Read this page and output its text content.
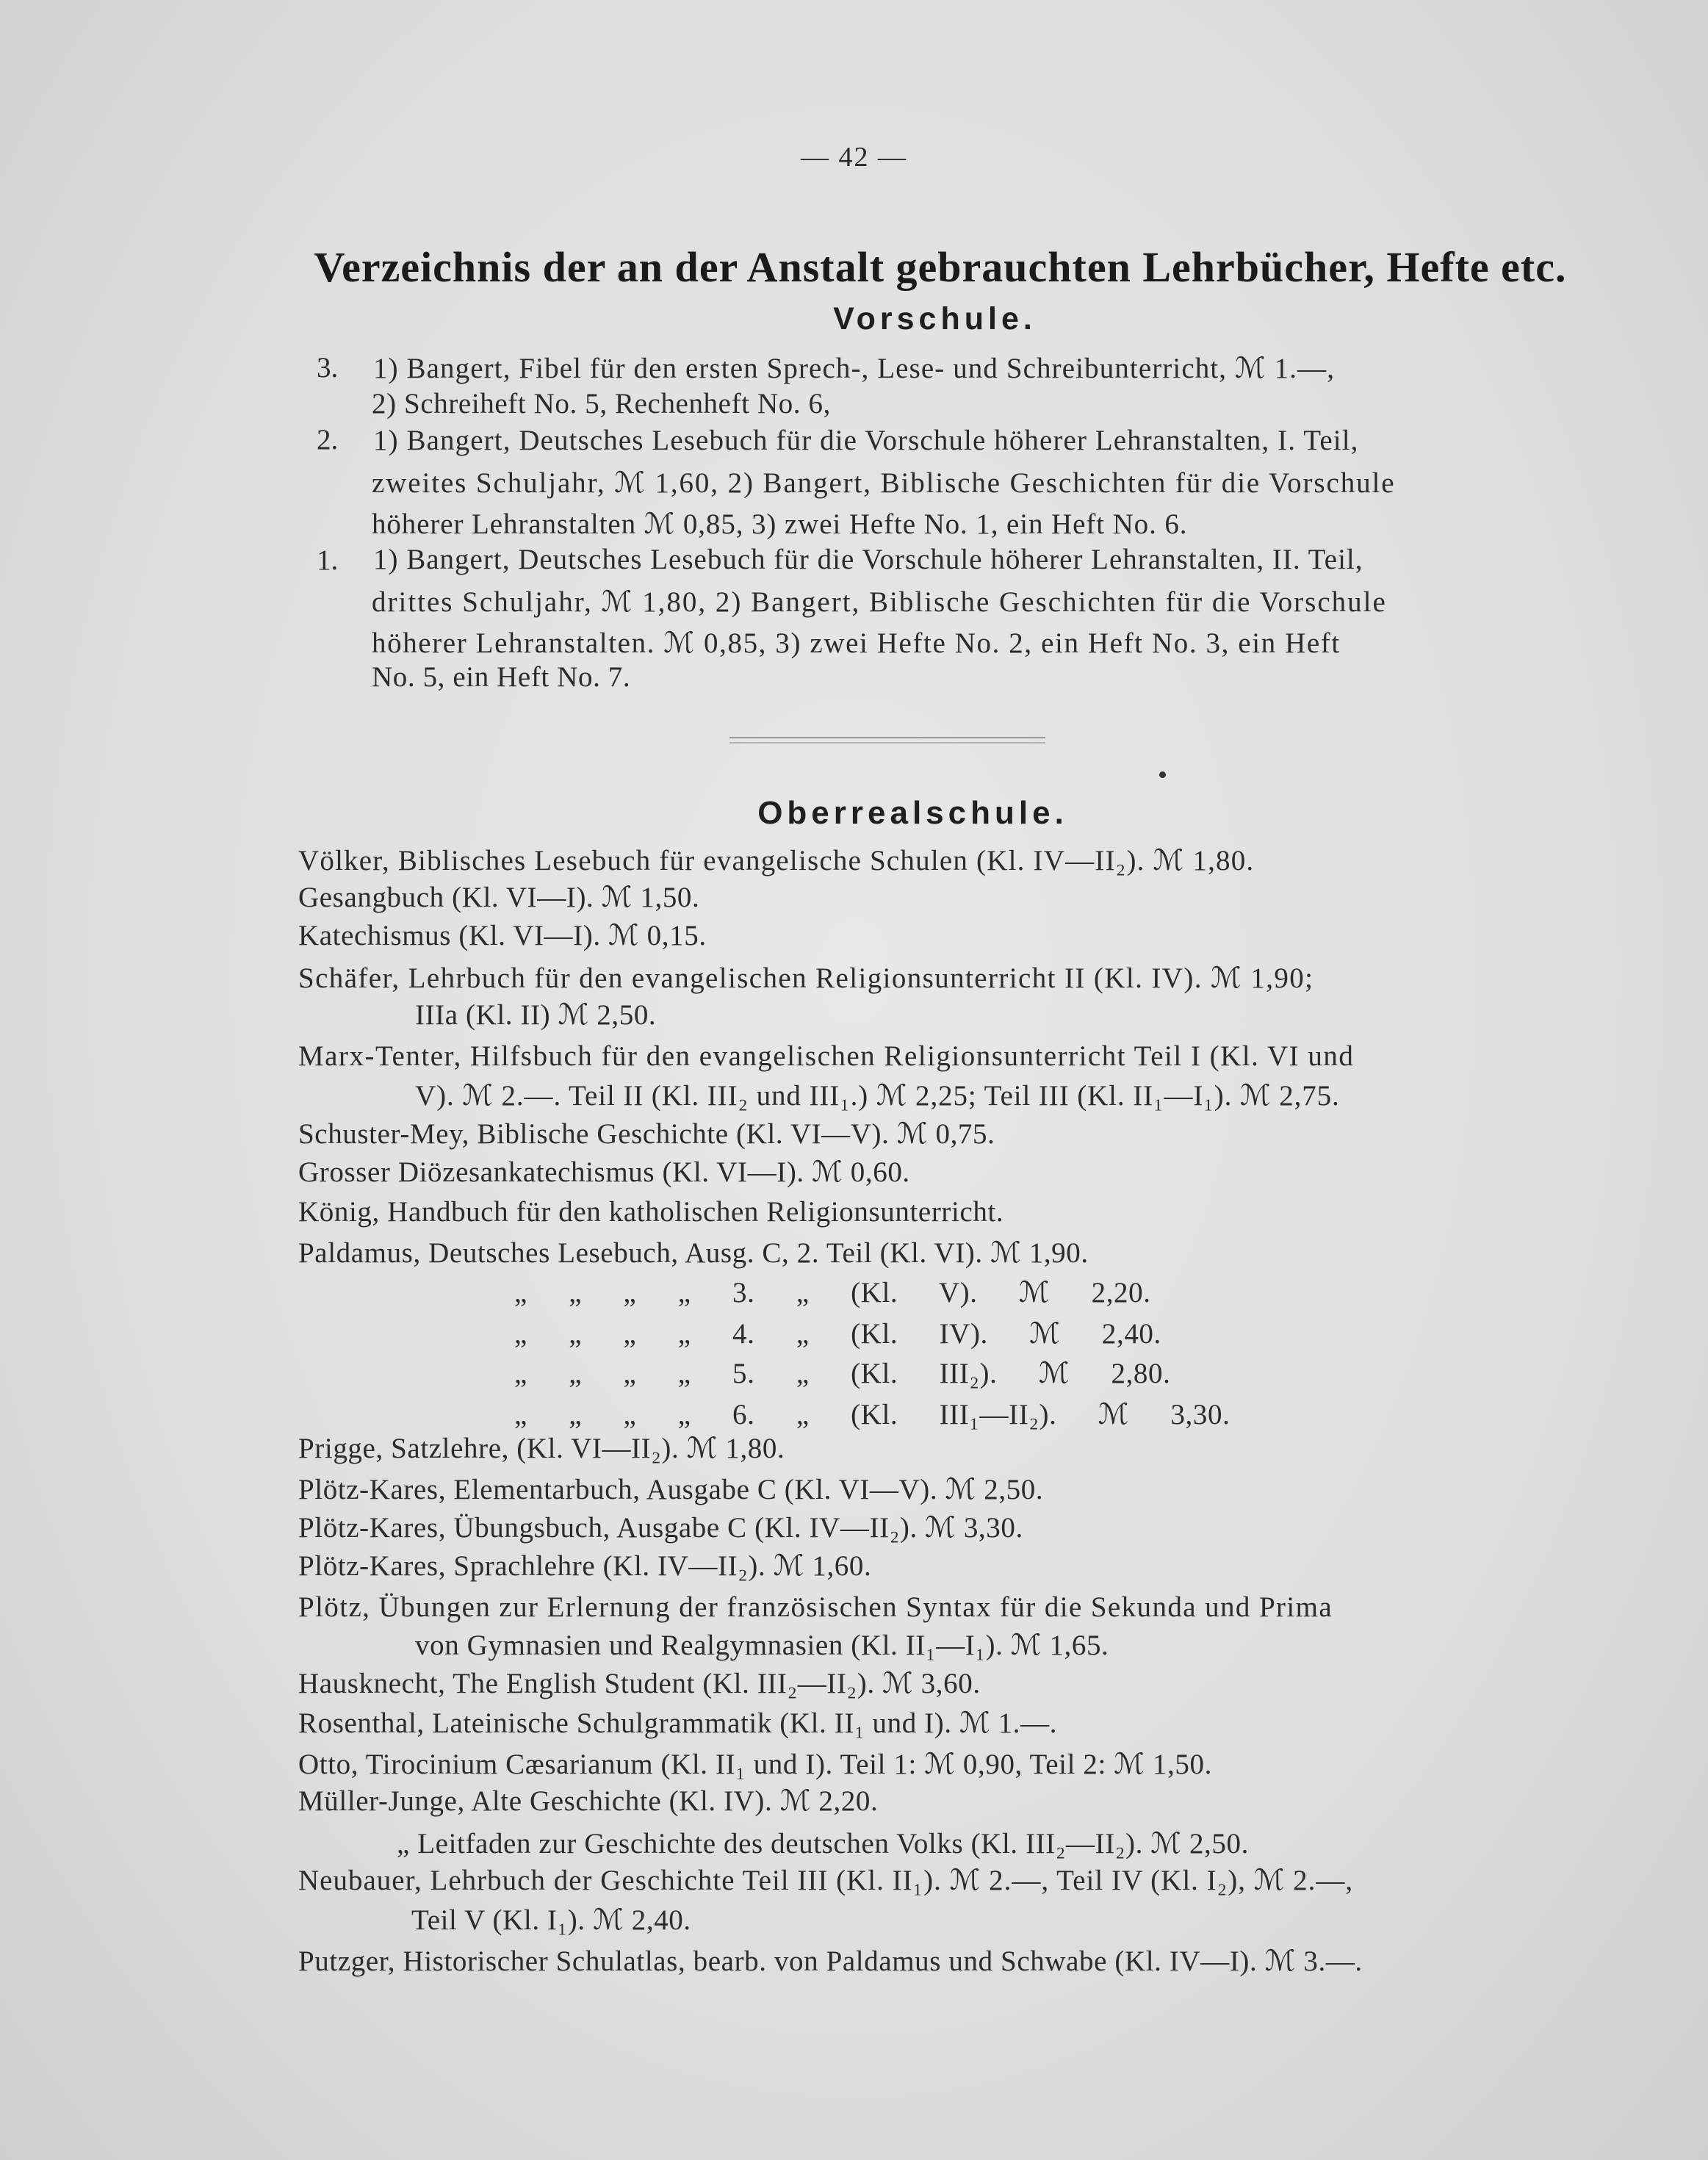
— 42 —
Verzeichnis der an der Anstalt gebrauchten Lehrbücher, Hefte etc.
Vorschule.
3. 1) Bangert, Fibel für den ersten Sprech-, Lese- und Schreibunterricht, ℳ 1.—,
2) Schreiheft No. 5, Rechenheft No. 6,
2. 1) Bangert, Deutsches Lesebuch für die Vorschule höherer Lehranstalten, I. Teil,
zweites Schuljahr, ℳ 1,60, 2) Bangert, Biblische Geschichten für die Vorschule
höherer Lehranstalten ℳ 0,85, 3) zwei Hefte No. 1, ein Heft No. 6.
1. 1) Bangert, Deutsches Lesebuch für die Vorschule höherer Lehranstalten, II. Teil,
drittes Schuljahr, ℳ 1,80, 2) Bangert, Biblische Geschichten für die Vorschule
höherer Lehranstalten. ℳ 0,85, 3) zwei Hefte No. 2, ein Heft No. 3, ein Heft
No. 5, ein Heft No. 7.
Oberrealschule.
Völker, Biblisches Lesebuch für evangelische Schulen (Kl. IV—II₂). ℳ 1,80.
Gesangbuch (Kl. VI—I). ℳ 1,50.
Katechismus (Kl. VI—I). ℳ 0,15.
Schäfer, Lehrbuch für den evangelischen Religionsunterricht II (Kl. IV). ℳ 1,90;
IIIa (Kl. II) ℳ 2,50.
Marx-Tenter, Hilfsbuch für den evangelischen Religionsunterricht Teil I (Kl. VI und
V). ℳ 2.—. Teil II (Kl. III₂ und III₁.) ℳ 2,25; Teil III (Kl. II₁—I₁). ℳ 2,75.
Schuster-Mey, Biblische Geschichte (Kl. VI—V). ℳ 0,75.
Grosser Diözesankatechismus (Kl. VI—I). ℳ 0,60.
König, Handbuch für den katholischen Religionsunterricht.
Paldamus, Deutsches Lesebuch, Ausg. C, 2. Teil (Kl. VI). ℳ 1,90.
„ „ „ „ 3. „ (Kl. V). ℳ 2,20.
„ „ „ „ 4. „ (Kl. IV). ℳ 2,40.
„ „ „ „ 5. „ (Kl. III₂). ℳ 2,80.
„ „ „ „ 6. „ (Kl. III₁—II₂). ℳ 3,30.
Prigge, Satzlehre, (Kl. VI—II₂). ℳ 1,80.
Plötz-Kares, Elementarbuch, Ausgabe C (Kl. VI—V). ℳ 2,50.
Plötz-Kares, Übungsbuch, Ausgabe C (Kl. IV—II₂). ℳ 3,30.
Plötz-Kares, Sprachlehre (Kl. IV—II₂). ℳ 1,60.
Plötz, Übungen zur Erlernung der französischen Syntax für die Sekunda und Prima
von Gymnasien und Realgymnasien (Kl. II₁—I₁). ℳ 1,65.
Hausknecht, The English Student (Kl. III₂—II₂). ℳ 3,60.
Rosenthal, Lateinische Schulgrammatik (Kl. II₁ und I). ℳ 1.—.
Otto, Tirocinium Cæsarianum (Kl. II₁ und I). Teil 1: ℳ 0,90, Teil 2: ℳ 1,50.
Müller-Junge, Alte Geschichte (Kl. IV). ℳ 2,20.
„ Leitfaden zur Geschichte des deutschen Volks (Kl. III₂—II₂). ℳ 2,50.
Neubauer, Lehrbuch der Geschichte Teil III (Kl. II₁). ℳ 2.—, Teil IV (Kl. I₂), ℳ 2.—,
Teil V (Kl. I₁). ℳ 2,40.
Putzger, Historischer Schulatlas, bearb. von Paldamus und Schwabe (Kl. IV—I). ℳ 3.—.
